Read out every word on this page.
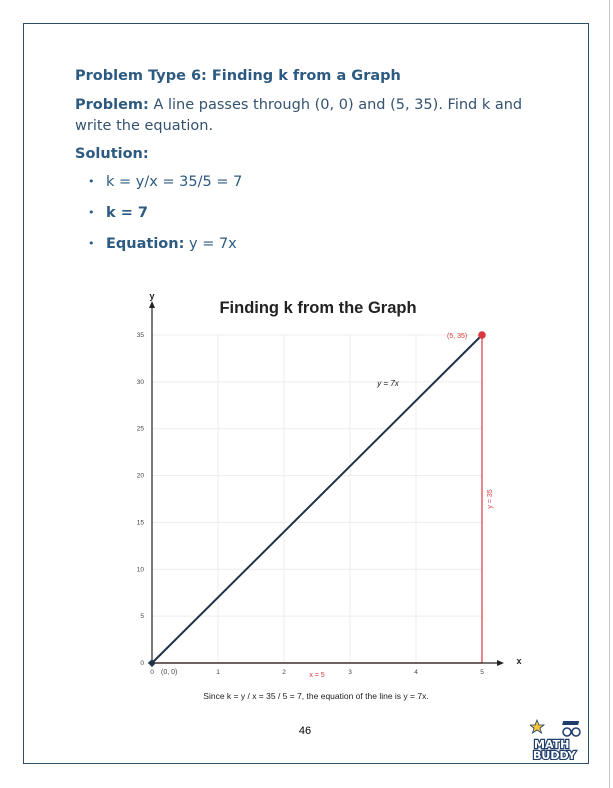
Problem Type 6: Finding k from a Graph
Problem: A line passes through (0, 0) and (5, 35). Find k and write the equation.
Solution:
• k = y/x = 35/5 = 7
• k = 7
• Equation: y = 7x
Finding k from the Graph
x = 5
y = 35
y
x
y = 7x
(0, 0)
(5, 35)
0	1	2	3	4	5
0
5
10
15
20
25
30
35
Since k = y / x = 35 / 5 = 7, the equation of the line is y = 7x.
46
MATH
BUDDY
